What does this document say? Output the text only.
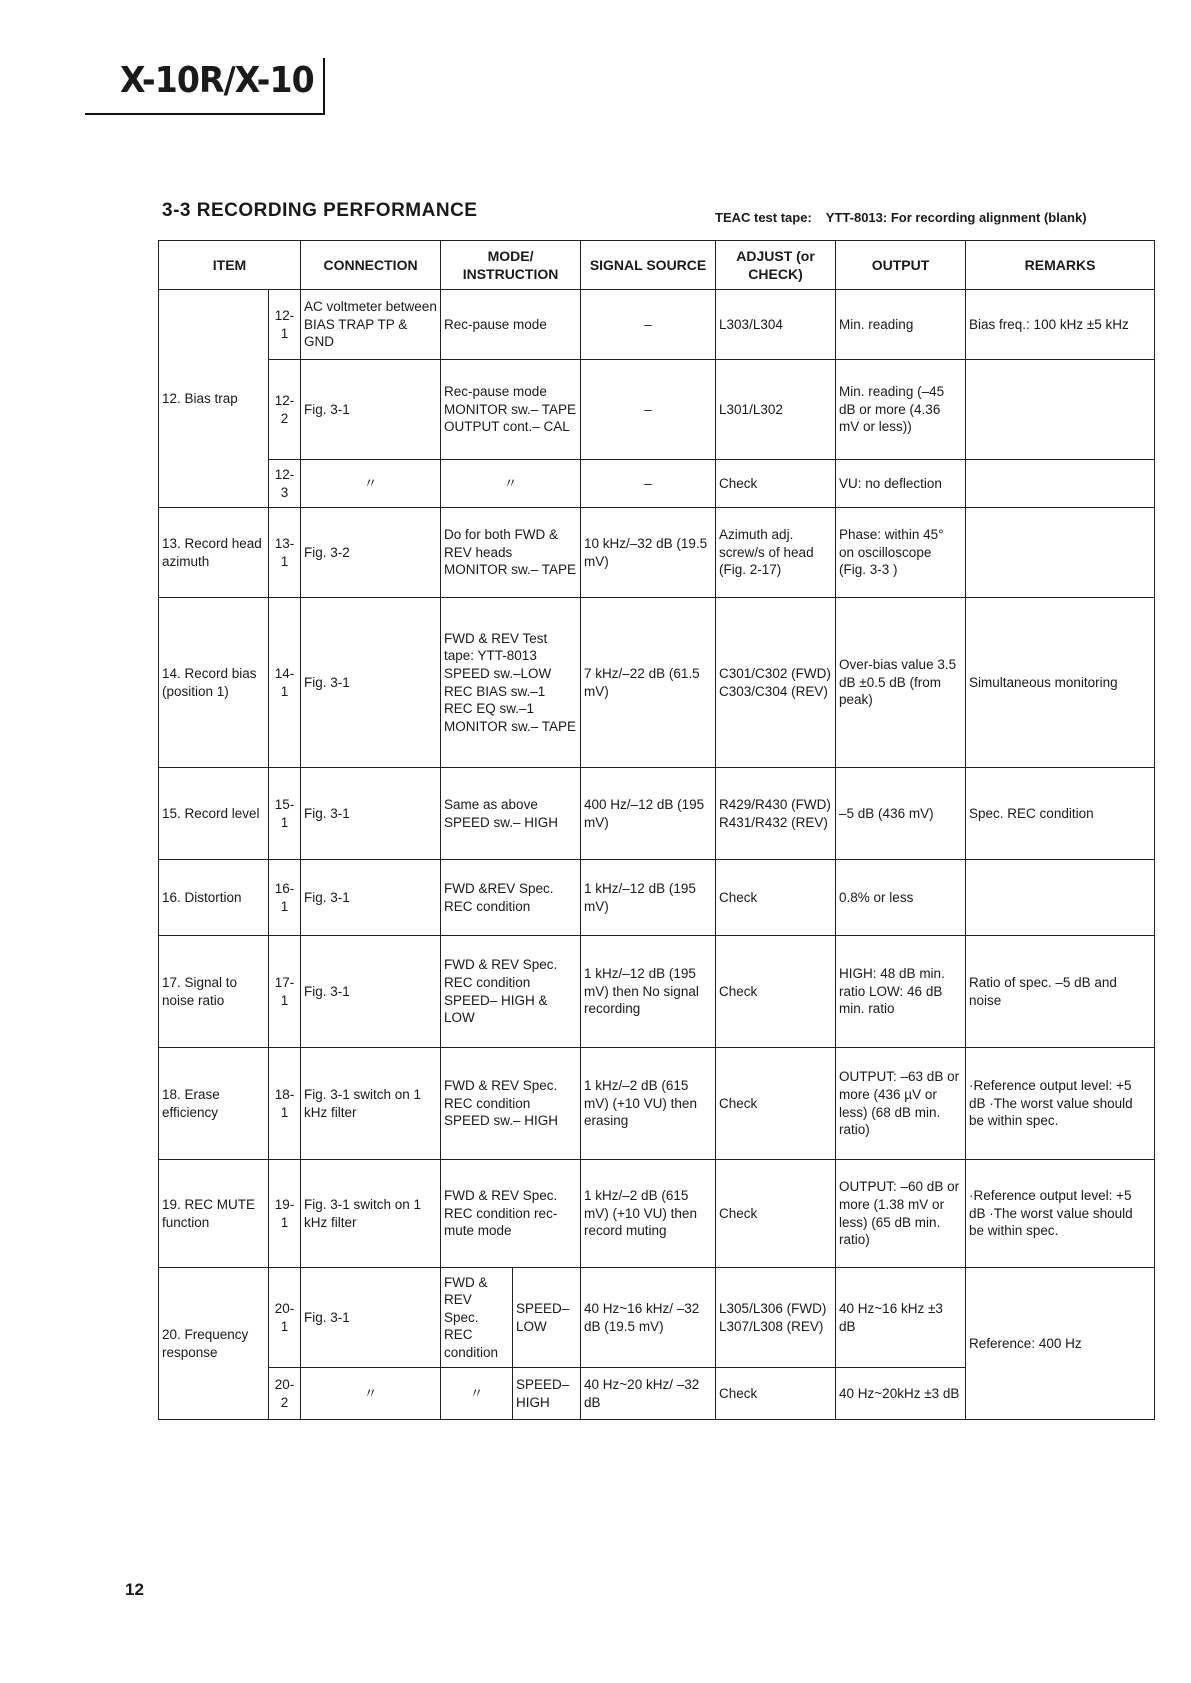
X-10R/X-10
3-3 RECORDING PERFORMANCE	TEAC test tape: YTT-8013: For recording alignment (blank)
ITEM		CONNECTION	MODE/ INSTRUCTION		SIGNAL SOURCE	ADJUST (or CHECK)	OUTPUT	REMARKS
12. Bias trap	12-1	AC voltmeter between BIAS TRAP TP & GND	Rec-pause mode		–	L303/L304	Min. reading	Bias freq.: 100 kHz ±5 kHz
	12-2	Fig. 3-1	Rec-pause mode MONITOR sw.– TAPE OUTPUT cont.– CAL		–	L301/L302	Min. reading (–45 dB or more (4.36 mV or less))	
	12-3	〃	〃		–	Check	VU: no deflection	
13. Record head azimuth	13-1	Fig. 3-2	Do for both FWD & REV heads MONITOR sw.– TAPE		10 kHz/–32 dB (19.5 mV)	Azimuth adj. screw/s of head (Fig. 2-17)	Phase: within 45° on oscilloscope (Fig. 3-3 )	
14. Record bias (position 1)	14-1	Fig. 3-1	FWD & REV Test tape: YTT-8013 SPEED sw.–LOW REC BIAS sw.–1 REC EQ sw.–1 MONITOR sw.– TAPE		7 kHz/–22 dB (61.5 mV)	C301/C302 (FWD) C303/C304 (REV)	Over-bias value 3.5 dB ±0.5 dB (from peak)	Simultaneous monitoring
15. Record level	15-1	Fig. 3-1	Same as above SPEED sw.– HIGH		400 Hz/–12 dB (195 mV)	R429/R430 (FWD) R431/R432 (REV)	–5 dB (436 mV)	Spec. REC condition
16. Distortion	16-1	Fig. 3-1	FWD &REV Spec. REC condition		1 kHz/–12 dB (195 mV)	Check	0.8% or less	
17. Signal to noise ratio	17-1	Fig. 3-1	FWD & REV Spec. REC condition SPEED– HIGH & LOW		1 kHz/–12 dB (195 mV) then No signal recording	Check	HIGH: 48 dB min. ratio LOW: 46 dB min. ratio	Ratio of spec. –5 dB and noise
18. Erase efficiency	18-1	Fig. 3-1 switch on 1 kHz filter	FWD & REV Spec. REC condition SPEED sw.– HIGH		1 kHz/–2 dB (615 mV) (+10 VU) then erasing	Check	OUTPUT: –63 dB or more (436 µV or less) (68 dB min. ratio)	·Reference output level: +5 dB ·The worst value should be within spec.
19. REC MUTE function	19-1	Fig. 3-1 switch on 1 kHz filter	FWD & REV Spec. REC condition rec-mute mode		1 kHz/–2 dB (615 mV) (+10 VU) then record muting	Check	OUTPUT: –60 dB or more (1.38 mV or less) (65 dB min. ratio)	·Reference output level: +5 dB ·The worst value should be within spec.
20. Frequency response	20-1	Fig. 3-1	FWD & REV Spec. REC condition	SPEED– LOW	40 Hz~16 kHz/ –32 dB (19.5 mV)	L305/L306 (FWD) L307/L308 (REV)	40 Hz~16 kHz ±3 dB	Reference: 400 Hz
	20-2	〃	〃	SPEED– HIGH	40 Hz~20 kHz/ –32 dB	Check	40 Hz~20kHz ±3 dB	
12
